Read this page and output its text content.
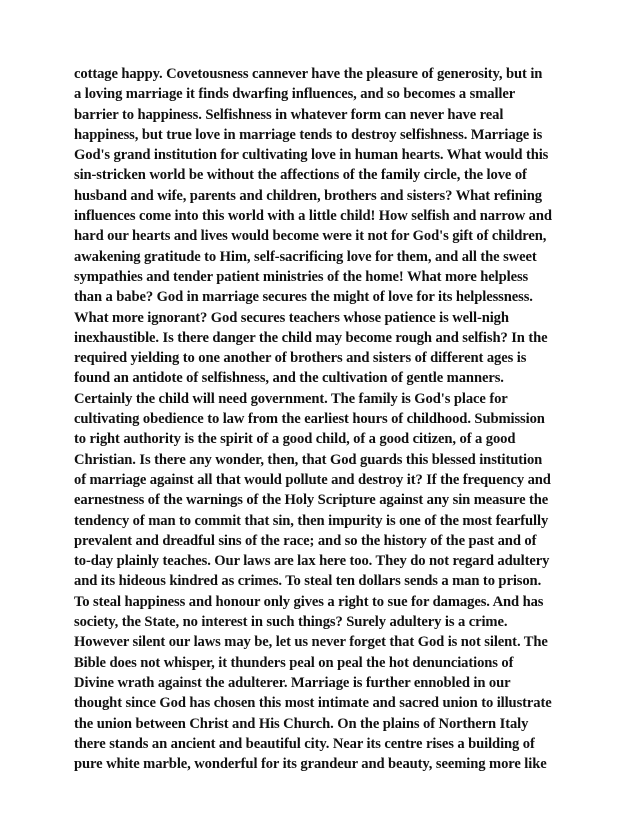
cottage happy. Covetousness cannever have the pleasure of generosity, but in
a loving marriage it finds dwarfing influences, and so becomes a smaller
barrier to happiness. Selfishness in whatever form can never have real
happiness, but true love in marriage tends to destroy selfishness. Marriage is
God's grand institution for cultivating love in human hearts. What would this
sin-stricken world be without the affections of the family circle, the love of
husband and wife, parents and children, brothers and sisters? What refining
influences come into this world with a little child! How selfish and narrow and
hard our hearts and lives would become were it not for God's gift of children,
awakening gratitude to Him, self-sacrificing love for them, and all the sweet
sympathies and tender patient ministries of the home! What more helpless
than a babe? God in marriage secures the might of love for its helplessness.
What more ignorant? God secures teachers whose patience is well-nigh
inexhaustible. Is there danger the child may become rough and selfish? In the
required yielding to one another of brothers and sisters of different ages is
found an antidote of selfishness, and the cultivation of gentle manners.
Certainly the child will need government. The family is God's place for
cultivating obedience to law from the earliest hours of childhood. Submission
to right authority is the spirit of a good child, of a good citizen, of a good
Christian. Is there any wonder, then, that God guards this blessed institution
of marriage against all that would pollute and destroy it? If the frequency and
earnestness of the warnings of the Holy Scripture against any sin measure the
tendency of man to commit that sin, then impurity is one of the most fearfully
prevalent and dreadful sins of the race; and so the history of the past and of
to-day plainly teaches. Our laws are lax here too. They do not regard adultery
and its hideous kindred as crimes. To steal ten dollars sends a man to prison.
To steal happiness and honour only gives a right to sue for damages. And has
society, the State, no interest in such things? Surely adultery is a crime.
However silent our laws may be, let us never forget that God is not silent. The
Bible does not whisper, it thunders peal on peal the hot denunciations of
Divine wrath against the adulterer. Marriage is further ennobled in our
thought since God has chosen this most intimate and sacred union to illustrate
the union between Christ and His Church. On the plains of Northern Italy
there stands an ancient and beautiful city. Near its centre rises a building of
pure white marble, wonderful for its grandeur and beauty, seeming more like
